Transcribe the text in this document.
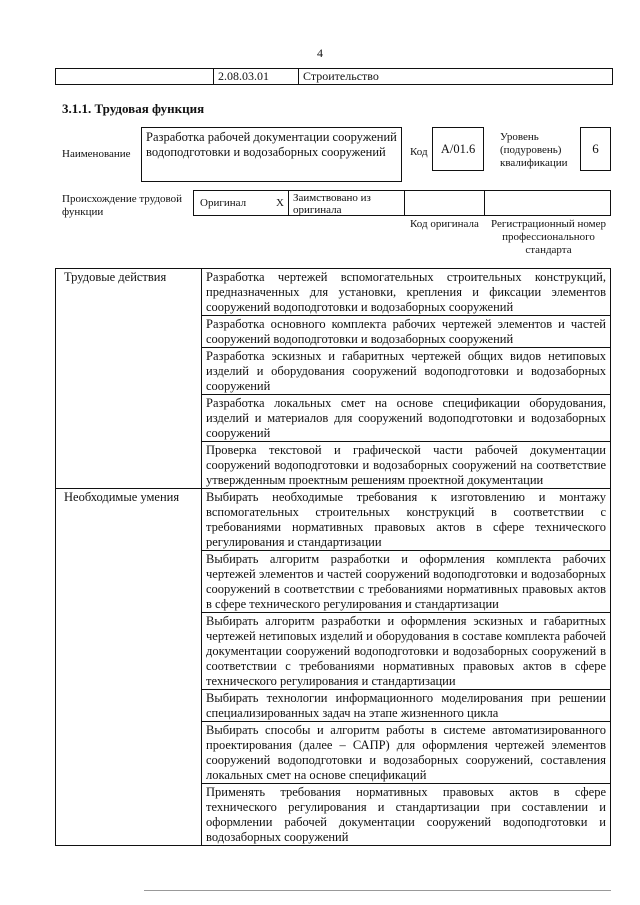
4
2.08.03.01	Строительство
3.1.1. Трудовая функция
Наименование
Разработка рабочей документации сооружений водоподготовки и водозаборных сооружений	Код	А/01.6
Уровень (подуровень) квалификации
6
Происхождение трудовой функции
Оригинал	Х Заимствовано из оригинала
Код оригинала	Регистрационный номер профессионального стандарта
Трудовые действия	Разработка чертежей вспомогательных строительных конструкций, предназначенных для установки, крепления и фиксации элементов сооружений водоподготовки и водозаборных сооружений
	Разработка основного комплекта рабочих чертежей элементов и частей сооружений водоподготовки и водозаборных сооружений
	Разработка эскизных и габаритных чертежей общих видов нетиповых изделий и оборудования сооружений водоподготовки и водозаборных сооружений
	Разработка локальных смет на основе спецификации оборудования, изделий и материалов для сооружений водоподготовки и водозаборных сооружений
	Проверка текстовой и графической части рабочей документации сооружений водоподготовки и водозаборных сооружений на соответствие утвержденным проектным решениям проектной документации
Необходимые умения	Выбирать необходимые требования к изготовлению и монтажу вспомогательных строительных конструкций в соответствии с требованиями нормативных правовых актов в сфере технического регулирования и стандартизации
	Выбирать алгоритм разработки и оформления комплекта рабочих чертежей элементов и частей сооружений водоподготовки и водозаборных сооружений в соответствии с требованиями нормативных правовых актов в сфере технического регулирования и стандартизации
	Выбирать алгоритм разработки и оформления эскизных и габаритных чертежей нетиповых изделий и оборудования в составе комплекта рабочей документации сооружений водоподготовки и водозаборных сооружений в соответствии с требованиями нормативных правовых актов в сфере технического регулирования и стандартизации
	Выбирать технологии информационного моделирования при решении специализированных задач на этапе жизненного цикла
	Выбирать способы и алгоритм работы в системе автоматизированного проектирования (далее – САПР) для оформления чертежей элементов сооружений водоподготовки и водозаборных сооружений, составления локальных смет на основе спецификаций
	Применять требования нормативных правовых актов в сфере технического регулирования и стандартизации при составлении и оформлении рабочей документации сооружений водоподготовки и водозаборных сооружений
